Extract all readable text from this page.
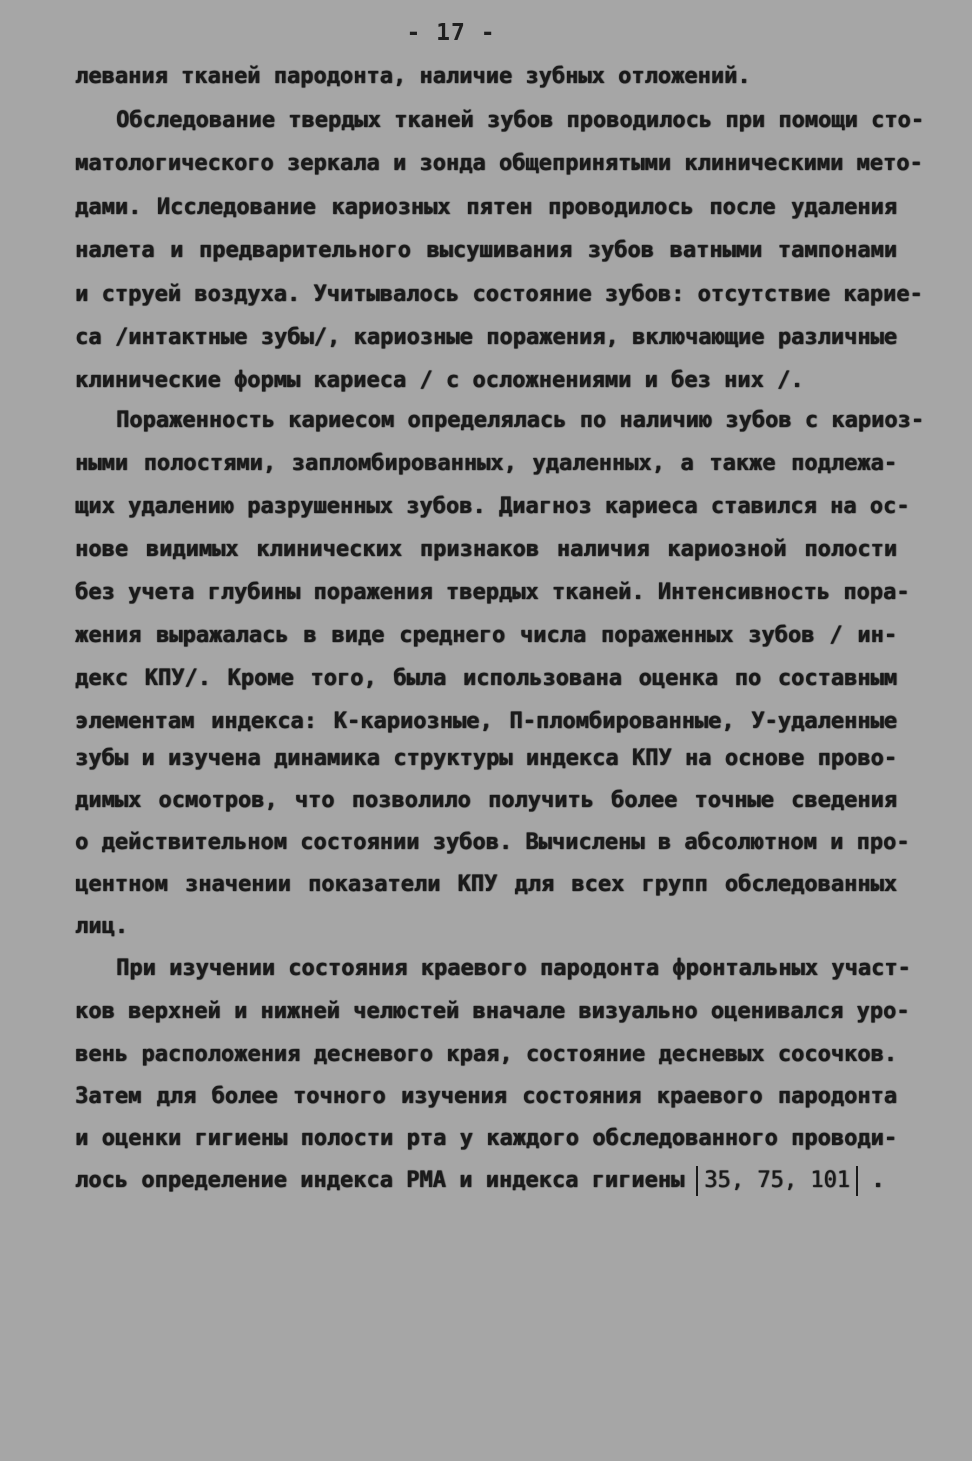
- 17 -
левания тканей пародонта, наличие зубных отложений.
Обследование твердых тканей зубов проводилось при помощи сто-
матологического зеркала и зонда общепринятыми клиническими мето-
дами. Исследование кариозных пятен проводилось после удаления
налета и предварительного высушивания зубов ватными тампонами
и струей воздуха. Учитывалось состояние зубов: отсутствие карие-
са /интактные зубы/, кариозные поражения, включающие различные
клинические формы кариеса / с осложнениями и без них /.
Пораженность кариесом определялась по наличию зубов с кариоз-
ными полостями, запломбированных, удаленных, а также подлежа-
щих удалению разрушенных зубов. Диагноз кариеса ставился на ос-
нове видимых клинических признаков наличия кариозной полости
без учета глубины поражения твердых тканей. Интенсивность пора-
жения выражалась в виде среднего числа пораженных зубов / ин-
декс КПУ/. Кроме того, была использована оценка по составным
элементам индекса: К-кариозные, П-пломбированные, У-удаленные
зубы и изучена динамика структуры индекса КПУ на основе прово-
димых осмотров, что позволило получить более точные сведения
о действительном состоянии зубов. Вычислены в абсолютном и про-
центном значении показатели КПУ для всех групп обследованных
лиц.
При изучении состояния краевого пародонта фронтальных участ-
ков верхней и нижней челюстей вначале визуально оценивался уро-
вень расположения десневого края, состояние десневых сосочков.
Затем для более точного изучения состояния краевого пародонта
и оценки гигиены полости рта у каждого обследованного проводи-
лось определение индекса РМА и индекса гигиены 35, 75, 101 .
